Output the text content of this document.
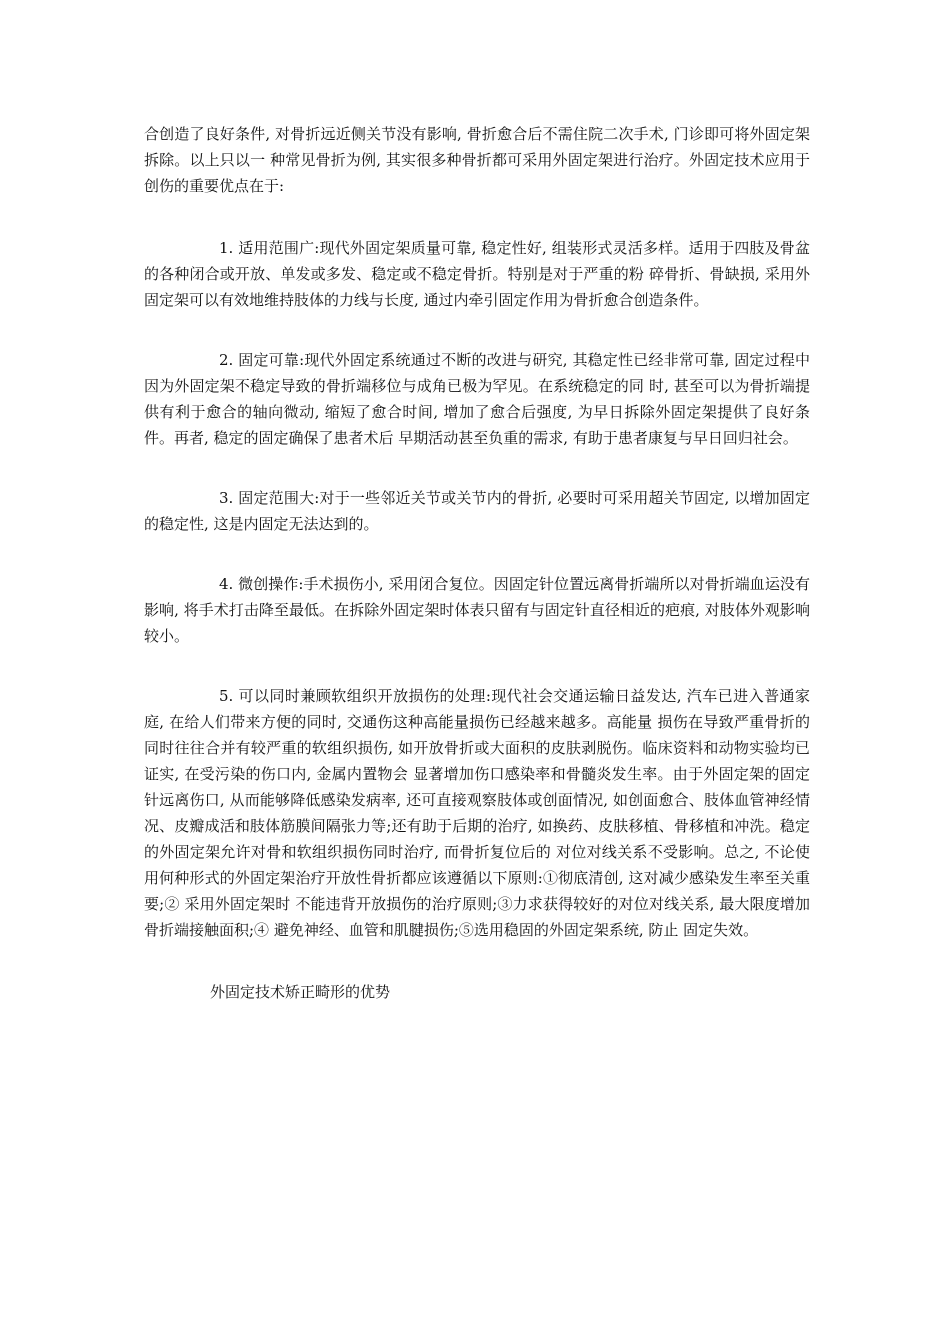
合创造了良好条件, 对骨折远近侧关节没有影响, 骨折愈合后不需住院二次手术, 门诊即可将外固定架拆除。以上只以一 种常见骨折为例, 其实很多种骨折都可采用外固定架进行治疗。外固定技术应用于创伤的重要优点在于:

1. 适用范围广:现代外固定架质量可靠, 稳定性好, 组装形式灵活多样。适用于四肢及骨盆的各种闭合或开放、单发或多发、稳定或不稳定骨折。特别是对于严重的粉 碎骨折、骨缺损, 采用外固定架可以有效地维持肢体的力线与长度, 通过内牵引固定作用为骨折愈合创造条件。

2. 固定可靠:现代外固定系统通过不断的改进与研究, 其稳定性已经非常可靠, 固定过程中因为外固定架不稳定导致的骨折端移位与成角已极为罕见。在系统稳定的同 时, 甚至可以为骨折端提供有利于愈合的轴向微动, 缩短了愈合时间, 增加了愈合后强度, 为早日拆除外固定架提供了良好条件。再者, 稳定的固定确保了患者术后 早期活动甚至负重的需求, 有助于患者康复与早日回归社会。

3. 固定范围大:对于一些邻近关节或关节内的骨折, 必要时可采用超关节固定, 以增加固定的稳定性, 这是内固定无法达到的。

4. 微创操作:手术损伤小, 采用闭合复位。因固定针位置远离骨折端所以对骨折端血运没有影响, 将手术打击降至最低。在拆除外固定架时体表只留有与固定针直径相近的疤痕, 对肢体外观影响较小。

5. 可以同时兼顾软组织开放损伤的处理:现代社会交通运输日益发达, 汽车已进入普通家庭, 在给人们带来方便的同时, 交通伤这种高能量损伤已经越来越多。高能量 损伤在导致严重骨折的同时往往合并有较严重的软组织损伤, 如开放骨折或大面积的皮肤剥脱伤。临床资料和动物实验均已证实, 在受污染的伤口内, 金属内置物会 显著增加伤口感染率和骨髓炎发生率。由于外固定架的固定针远离伤口, 从而能够降低感染发病率, 还可直接观察肢体或创面情况, 如创面愈合、肢体血管神经情 况、皮瓣成活和肢体筋膜间隔张力等;还有助于后期的治疗, 如换药、皮肤移植、骨移植和冲洗。稳定的外固定架允许对骨和软组织损伤同时治疗, 而骨折复位后的 对位对线关系不受影响。总之, 不论使用何种形式的外固定架治疗开放性骨折都应该遵循以下原则:①彻底清创, 这对减少感染发生率至关重要;② 采用外固定架时 不能违背开放损伤的治疗原则;③力求获得较好的对位对线关系, 最大限度增加骨折端接触面积;④ 避免神经、血管和肌腱损伤;⑤选用稳固的外固定架系统, 防止 固定失效。

外固定技术矫正畸形的优势
